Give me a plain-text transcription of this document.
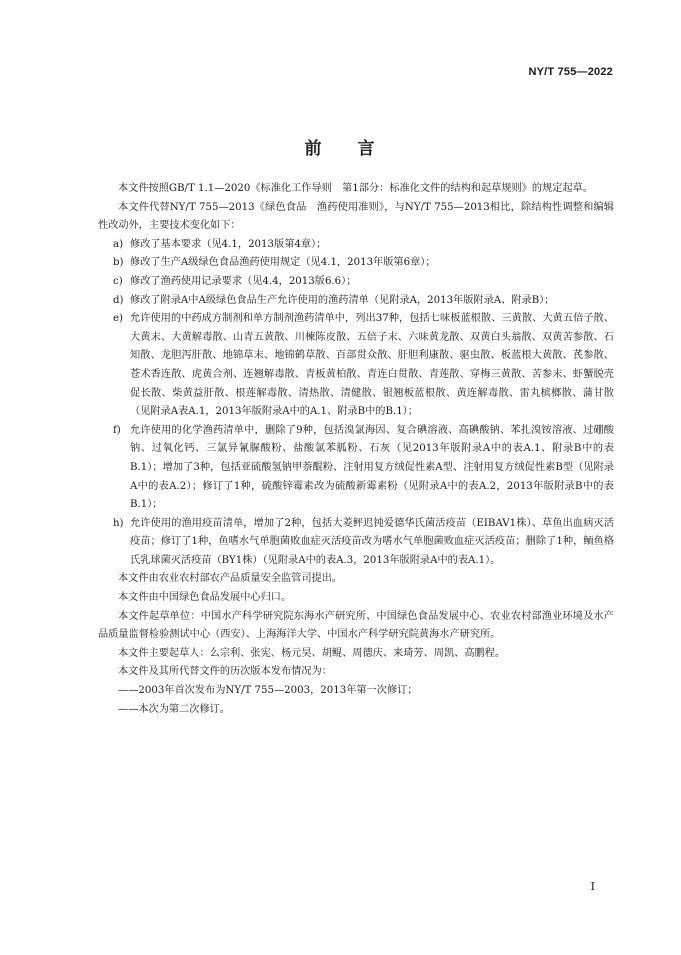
NY/T 755—2022
前 言

本文件按照GB/T 1.1—2020《标准化工作导则　第1部分：标准化文件的结构和起草规则》的规定起草。

本文件代替NY/T 755—2013《绿色食品　渔药使用准则》，与NY/T 755—2013相比，除结构性调整和编辑性改动外，主要技术变化如下：

a) 修改了基本要求（见4.1，2013版第4章）；
b) 修改了生产A级绿色食品渔药使用规定（见4.1，2013年版第6章）；
c) 修改了渔药使用记录要求（见4.4，2013版6.6）；
d) 修改了附录A中A级绿色食品生产允许使用的渔药清单（见附录A，2013年版附录A、附录B）；
e) 允许使用的中药成方制剂和单方制剂渔药清单中，列出37种，包括七味板蓝根散、三黄散、大黄五倍子散、大黄末、大黄解毒散、山青五黄散、川楝陈皮散、五倍子末、六味黄龙散、双黄白头翁散、双黄苦参散、石知散、龙胆泻肝散、地锦草末、地锦鹤草散、百部贯众散、肝胆利康散、驱虫散、板蓝根大黄散、芪参散、苍术香连散、虎黄合剂、连翘解毒散、青板黄柏散、青连白贯散、青莲散、穿梅三黄散、苦参末、虾蟹脱壳促长散、柴黄益肝散、根莲解毒散、清热散、清健散、银翘板蓝根散、黄连解毒散、雷丸槟榔散、蒲甘散（见附录A表A.1，2013年版附录A中的A.1、附录B中的B.1）；
f) 允许使用的化学渔药清单中，删除了9种，包括溴氯海因、复合碘溶液、高碘酸钠、苯扎溴铵溶液、过硼酸钠、过氧化钙、三氯异氰脲酸粉、盐酸氯苯胍粉、石灰（见2013年版附录A中的表A.1、附录B中的表B.1）；增加了3种，包括亚硫酸氢钠甲萘醌粉、注射用复方绒促性素A型、注射用复方绒促性素B型（见附录A中的表A.2）；修订了1种，硫酸锌霉素改为硫酸新霉素粉（见附录A中的表A.2，2013年版附录B中的表B.1）；
h) 允许使用的渔用疫苗清单，增加了2种，包括大菱鲆迟钝爱德华氏菌活疫苗（EIBAV1株）、草鱼出血病灭活疫苗；修订了1种，鱼嗜水气单胞菌败血症灭活疫苗改为嗜水气单胞菌败血症灭活疫苗；删除了1种，鲕鱼格氏乳球菌灭活疫苗（BY1株）（见附录A中的表A.3，2013年版附录A中的表A.1）。

本文件由农业农村部农产品质量安全监管司提出。

本文件由中国绿色食品发展中心归口。

本文件起草单位：中国水产科学研究院东海水产研究所、中国绿色食品发展中心、农业农村部渔业环境及水产品质量监督检验测试中心（西安）、上海海洋大学、中国水产科学研究院黄海水产研究所。

本文件主要起草人：么宗利、张宪、杨元昊、胡鲲、周德庆、来琦芳、周凯、高鹏程。

本文件及其所代替文件的历次版本发布情况为：

——2003年首次发布为NY/T 755—2003，2013年第一次修订；

——本次为第二次修订。

I
